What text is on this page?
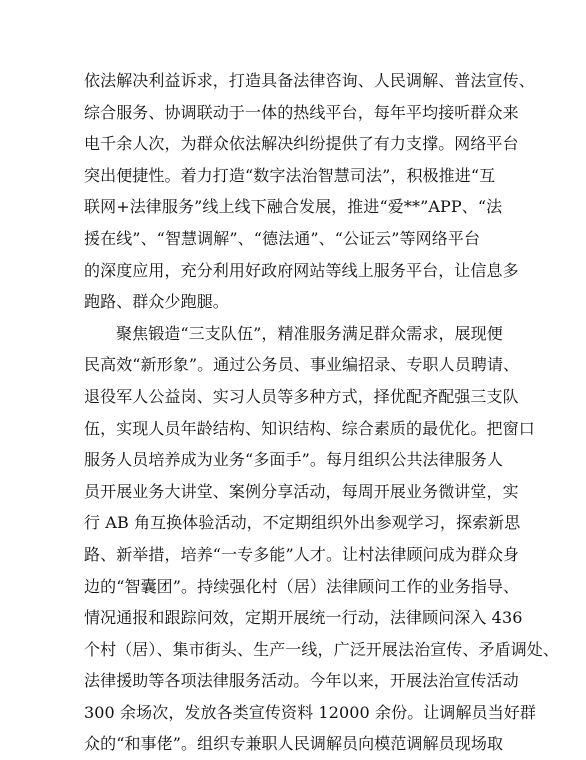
依法解决利益诉求，打造具备法律咨询、人民调解、普法宣传、
综合服务、协调联动于一体的热线平台，每年平均接听群众来
电千余人次，为群众依法解决纠纷提供了有力支撑。网络平台
突出便捷性。着力打造“数字法治智慧司法”，积极推进“互
联网+法律服务”线上线下融合发展，推进“爱**”APP、“法
援在线”、“智慧调解”、“德法通”、“公证云”等网络平台
的深度应用，充分利用好政府网站等线上服务平台，让信息多
跑路、群众少跑腿。
聚焦锻造“三支队伍”，精准服务满足群众需求，展现便
民高效“新形象”。通过公务员、事业编招录、专职人员聘请、
退役军人公益岗、实习人员等多种方式，择优配齐配强三支队
伍，实现人员年龄结构、知识结构、综合素质的最优化。把窗口
服务人员培养成为业务“多面手”。每月组织公共法律服务人
员开展业务大讲堂、案例分享活动，每周开展业务微讲堂，实
行 AB 角互换体验活动，不定期组织外出参观学习，探索新思
路、新举措，培养“一专多能”人才。让村法律顾问成为群众身
边的“智囊团”。持续强化村（居）法律顾问工作的业务指导、
情况通报和跟踪问效，定期开展统一行动，法律顾问深入 436
个村（居）、集市街头、生产一线，广泛开展法治宣传、矛盾调处、
法律援助等各项法律服务活动。今年以来，开展法治宣传活动
300 余场次，发放各类宣传资料 12000 余份。让调解员当好群
众的“和事佬”。组织专兼职人民调解员向模范调解员现场取
